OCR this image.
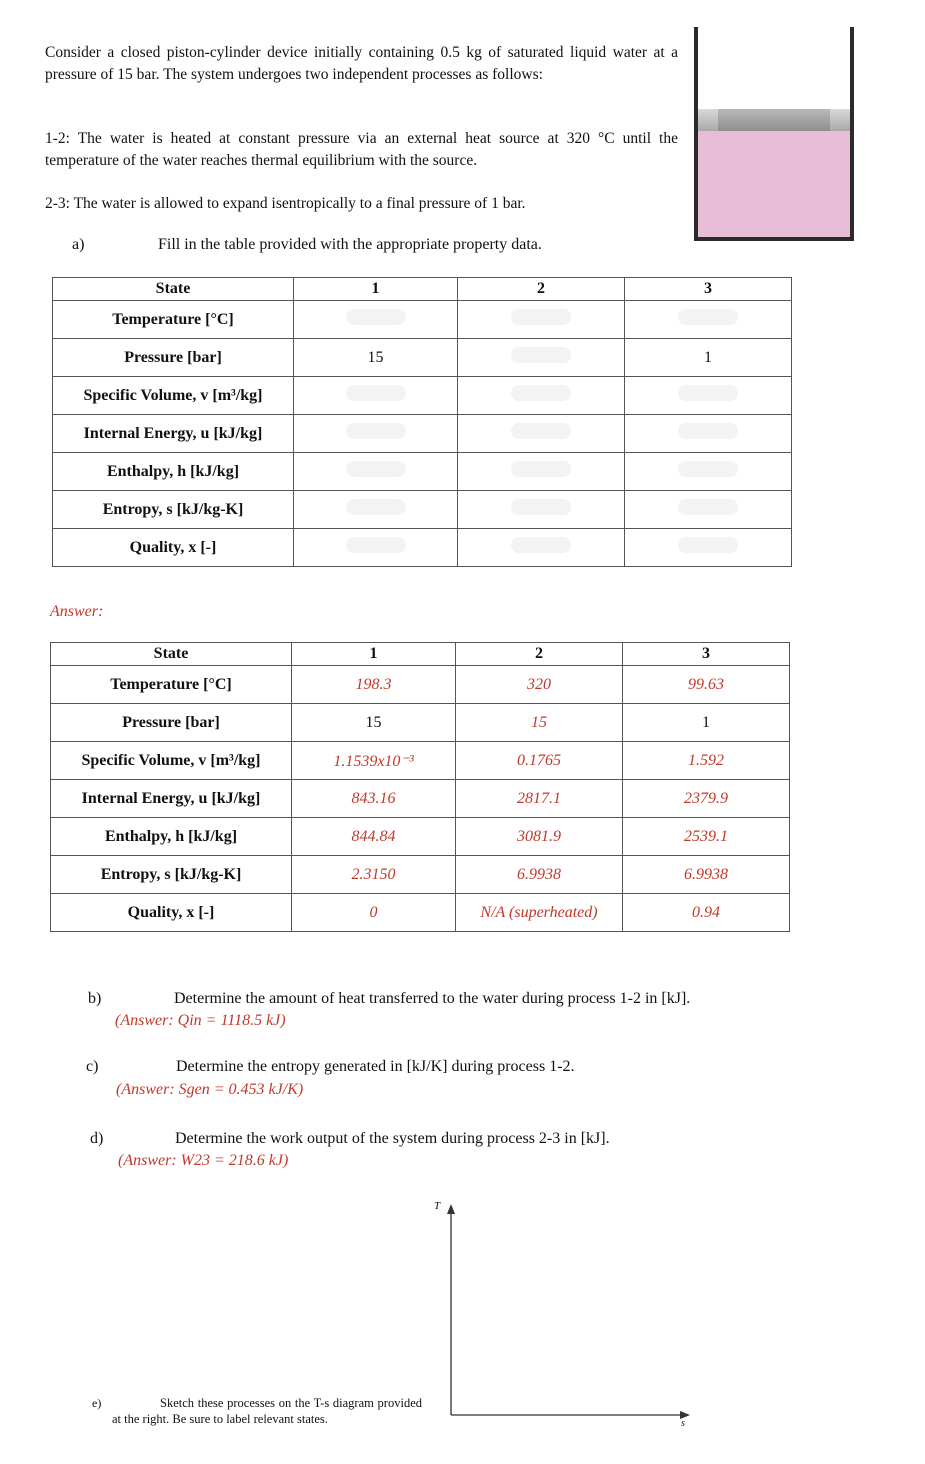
Consider a closed piston-cylinder device initially containing 0.5 kg of saturated liquid water at a pressure of 15 bar. The system undergoes two independent processes as follows:

1-2: The water is heated at constant pressure via an external heat source at 320 °C until the temperature of the water reaches thermal equilibrium with the source.

2-3: The water is allowed to expand isentropically to a final pressure of 1 bar.

a)	Fill in the table provided with the appropriate property data.
State	1	2	3
Temperature [°C]			
Pressure [bar]	15		1
Specific Volume, v [m³/kg]			
Internal Energy, u [kJ/kg]			
Enthalpy, h [kJ/kg]			
Entropy, s [kJ/kg-K]			
Quality, x [-]			
Answer:
State	1	2	3
Temperature [°C]	198.3	320	99.63
Pressure [bar]	15	15	1
Specific Volume, v [m³/kg]	1.1539x10⁻³	0.1765	1.592
Internal Energy, u [kJ/kg]	843.16	2817.1	2379.9
Enthalpy, h [kJ/kg]	844.84	3081.9	2539.1
Entropy, s [kJ/kg-K]	2.3150	6.9938	6.9938
Quality, x [-]	0	N/A (superheated)	0.94
b)	Determine the amount of heat transferred to the water during process 1-2 in [kJ].
(Answer: Qin = 1118.5 kJ)
c)	Determine the entropy generated in [kJ/K] during process 1-2.
(Answer: Sgen = 0.453 kJ/K)
d)	Determine the work output of the system during process 2-3 in [kJ].
(Answer: W23 = 218.6 kJ)
e)	Sketch these processes on the T-s diagram provided at the right. Be sure to label relevant states.

T
s
